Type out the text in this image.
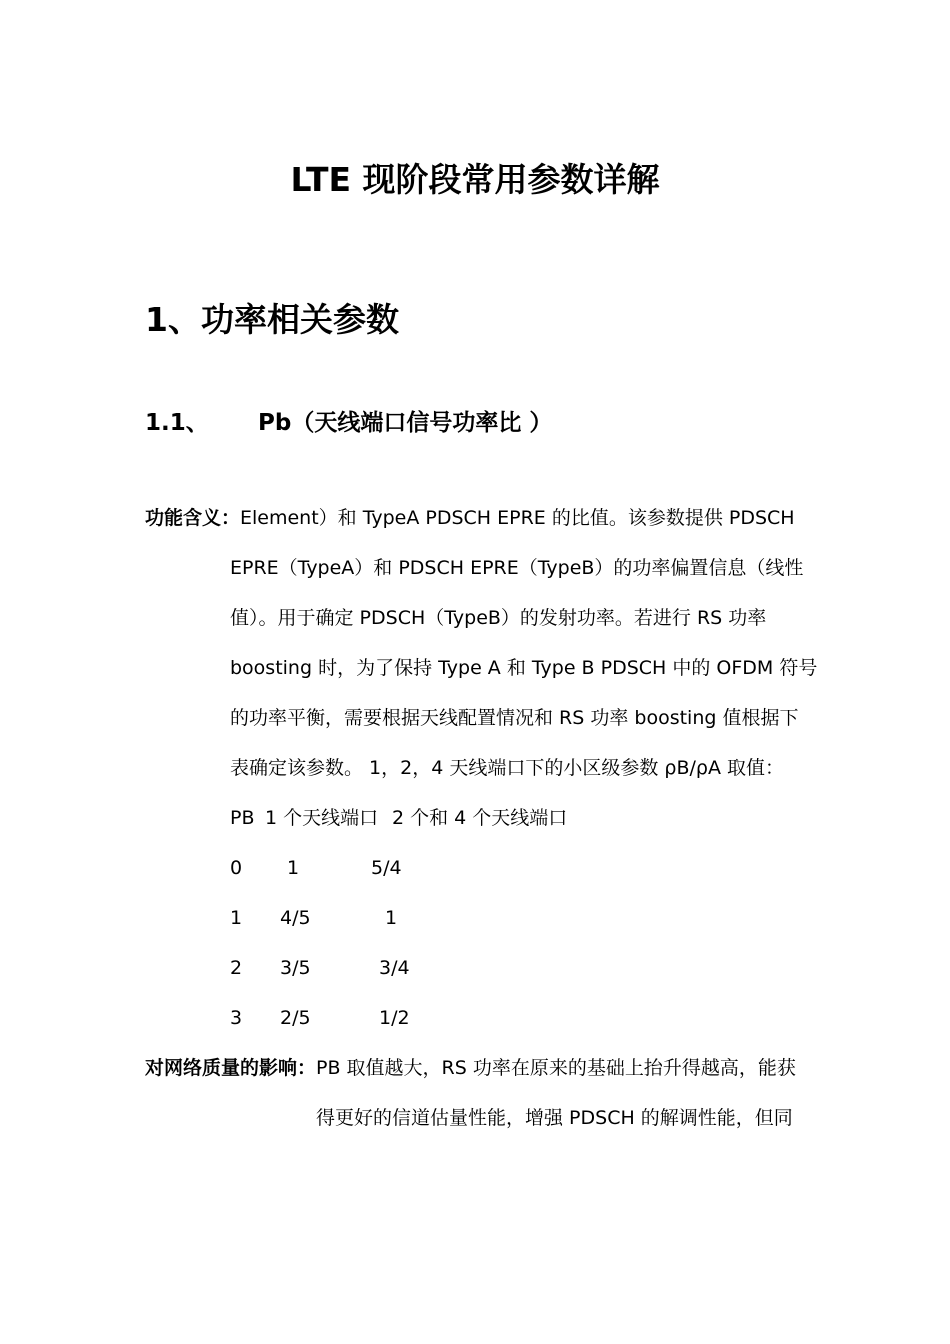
LTE 现阶段常用参数详解
1、功率相关参数
1.1、 Pb（天线端口信号功率比 ）
功能含义：Element）和 TypeA PDSCH EPRE 的比值。该参数提供 PDSCH
EPRE（TypeA）和 PDSCH EPRE（TypeB）的功率偏置信息（线性
值）。用于确定 PDSCH（TypeB）的发射功率。若进行 RS 功率
boosting 时，为了保持 Type A 和 Type B PDSCH 中的 OFDM 符号
的功率平衡，需要根据天线配置情况和 RS 功率 boosting 值根据下
表确定该参数。 1，2，4 天线端口下的小区级参数 ρB/ρA 取值：
PB 1 个天线端口 2 个和 4 个天线端口
0 1	5/4
1 4/5	1
2 3/5	3/4
3 2/5	1/2
对网络质量的影响：PB 取值越大，RS 功率在原来的基础上抬升得越高，能获
得更好的信道估量性能，增强 PDSCH 的解调性能，但同
